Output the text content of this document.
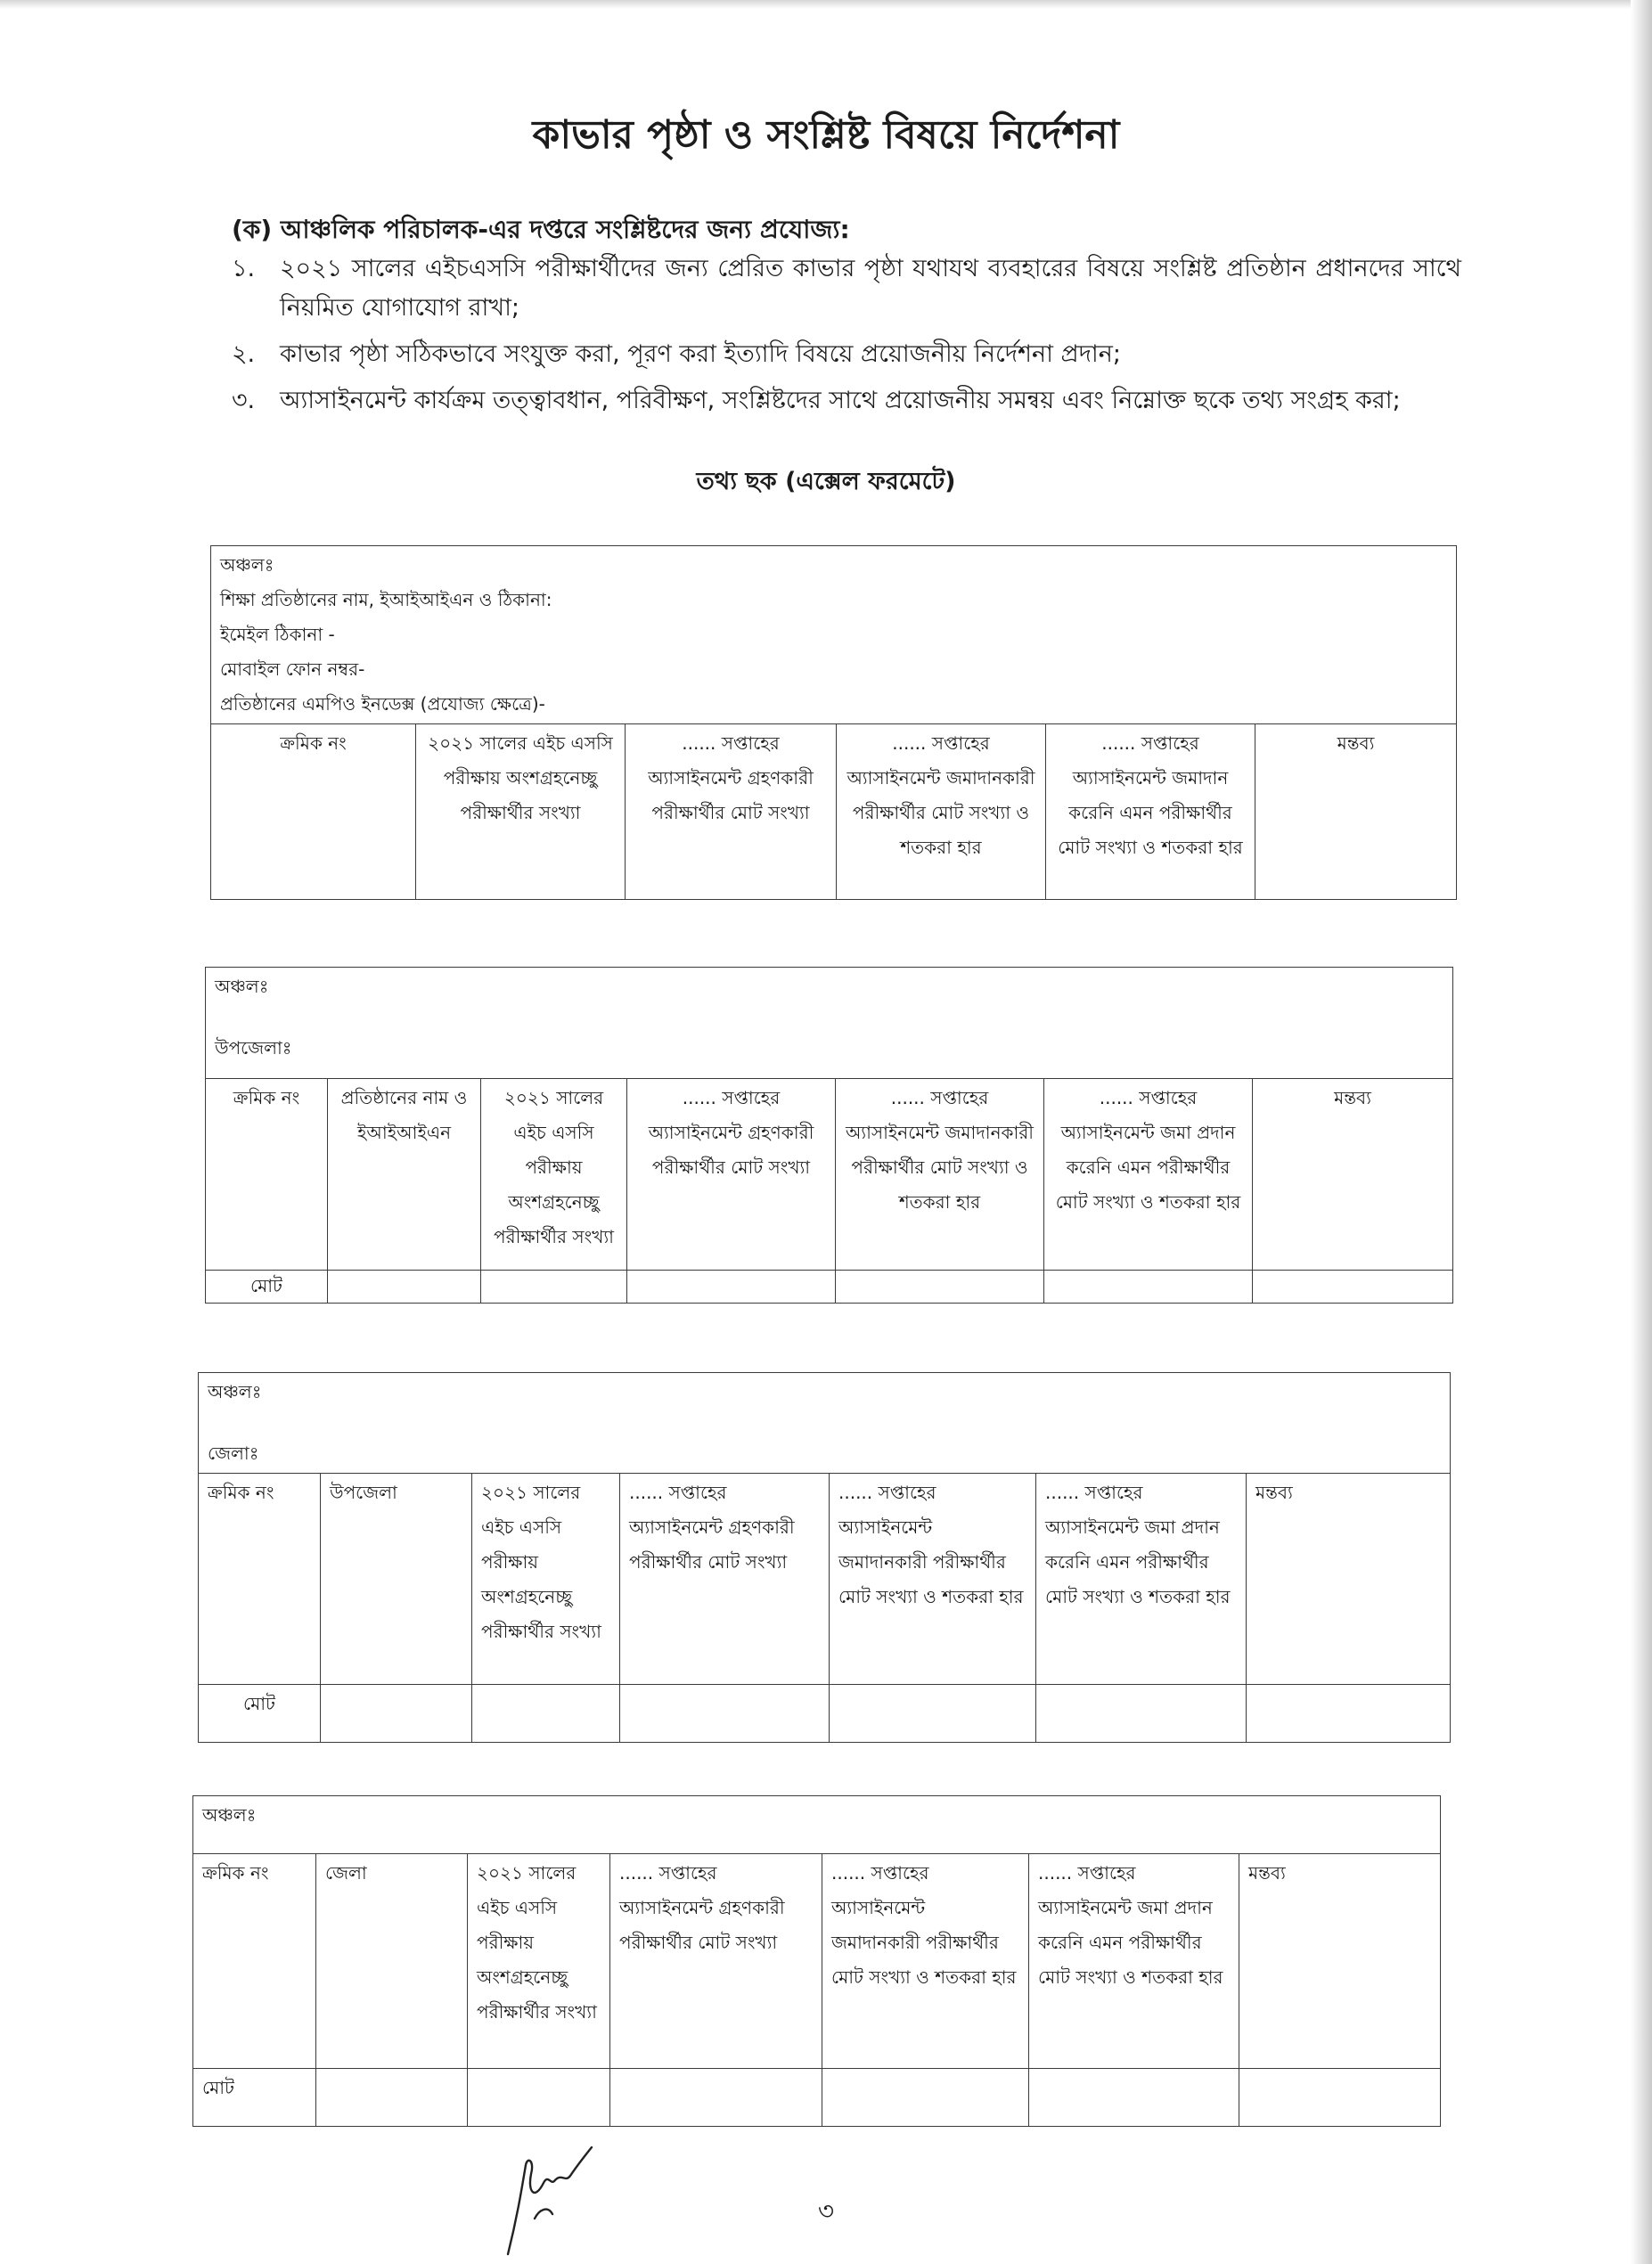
কাভার পৃষ্ঠা ও সংশ্লিষ্ট বিষয়ে নির্দেশনা
(ক) আঞ্চলিক পরিচালক-এর দপ্তরে সংশ্লিষ্টদের জন্য প্রযোজ্য:
১.	২০২১ সালের এইচএসসি পরীক্ষার্থীদের জন্য প্রেরিত কাভার পৃষ্ঠা যথাযথ ব্যবহারের বিষয়ে সংশ্লিষ্ট প্রতিষ্ঠান প্রধানদের সাথে নিয়মিত যোগাযোগ রাখা;
২.	কাভার পৃষ্ঠা সঠিকভাবে সংযুক্ত করা, পূরণ করা ইত্যাদি বিষয়ে প্রয়োজনীয় নির্দেশনা প্রদান;
৩.	অ্যাসাইনমেন্ট কার্যক্রম তত্ত্বাবধান, পরিবীক্ষণ, সংশ্লিষ্টদের সাথে প্রয়োজনীয় সমন্বয় এবং নিম্নোক্ত ছকে তথ্য সংগ্রহ করা;
তথ্য ছক (এক্সেল ফরমেটে)
অঞ্চলঃ
শিক্ষা প্রতিষ্ঠানের নাম, ইআইআইএন ও ঠিকানা:
ইমেইল ঠিকানা -
মোবাইল ফোন নম্বর-
প্রতিষ্ঠানের এমপিও ইনডেক্স (প্রযোজ্য ক্ষেত্রে)-

ক্রমিক নং	২০২১ সালের এইচ এসসি পরীক্ষায় অংশগ্রহনেচ্ছু পরীক্ষার্থীর সংখ্যা	...... সপ্তাহের অ্যাসাইনমেন্ট গ্রহণকারী পরীক্ষার্থীর মোট সংখ্যা	...... সপ্তাহের অ্যাসাইনমেন্ট জমাদানকারী পরীক্ষার্থীর মোট সংখ্যা ও শতকরা হার	...... সপ্তাহের অ্যাসাইনমেন্ট জমাদান করেনি এমন পরীক্ষার্থীর মোট সংখ্যা ও শতকরা হার	মন্তব্য
অঞ্চলঃ
উপজেলাঃ						

ক্রমিক নং	প্রতিষ্ঠানের নাম ও ইআইআইএন	২০২১ সালের এইচ এসসি পরীক্ষায় অংশগ্রহনেচ্ছু পরীক্ষার্থীর সংখ্যা	...... সপ্তাহের অ্যাসাইনমেন্ট গ্রহণকারী পরীক্ষার্থীর মোট সংখ্যা	...... সপ্তাহের অ্যাসাইনমেন্ট জমাদানকারী পরীক্ষার্থীর মোট সংখ্যা ও শতকরা হার	...... সপ্তাহের অ্যাসাইনমেন্ট জমা প্রদান করেনি এমন পরীক্ষার্থীর মোট সংখ্যা ও শতকরা হার	মন্তব্য
মোট						
অঞ্চলঃ
জেলাঃ						

ক্রমিক নং	উপজেলা	২০২১ সালের এইচ এসসি পরীক্ষায় অংশগ্রহনেচ্ছু পরীক্ষার্থীর সংখ্যা	...... সপ্তাহের অ্যাসাইনমেন্ট গ্রহণকারী পরীক্ষার্থীর মোট সংখ্যা	...... সপ্তাহের অ্যাসাইনমেন্ট জমাদানকারী পরীক্ষার্থীর মোট সংখ্যা ও শতকরা হার	...... সপ্তাহের অ্যাসাইনমেন্ট জমা প্রদান করেনি এমন পরীক্ষার্থীর মোট সংখ্যা ও শতকরা হার	মন্তব্য
মোট						
অঞ্চলঃ						

ক্রমিক নং	জেলা	২০২১ সালের এইচ এসসি পরীক্ষায় অংশগ্রহনেচ্ছু পরীক্ষার্থীর সংখ্যা	...... সপ্তাহের অ্যাসাইনমেন্ট গ্রহণকারী পরীক্ষার্থীর মোট সংখ্যা	...... সপ্তাহের অ্যাসাইনমেন্ট জমাদানকারী পরীক্ষার্থীর মোট সংখ্যা ও শতকরা হার	...... সপ্তাহের অ্যাসাইনমেন্ট জমা প্রদান করেনি এমন পরীক্ষার্থীর মোট সংখ্যা ও শতকরা হার	মন্তব্য
মোট						
৩
